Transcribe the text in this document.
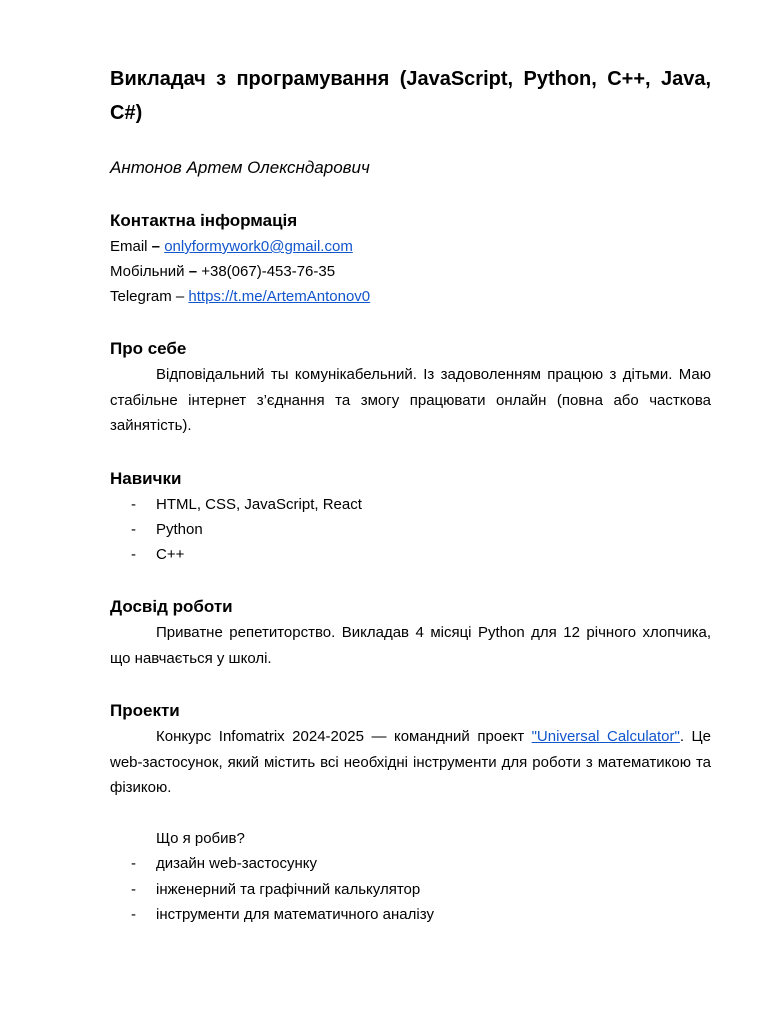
Викладач з програмування (JavaScript, Python, C++, Java, C#)

Антонов Артем Олексндарович

Контактна інформація

Email – onlyformywork0@gmail.com

Мобільний – +38(067)-453-76-35

Telegram – https://t.me/ArtemAntonov0

Про себе

Відповідальний ты комунікабельний. Із задоволенням працюю з дітьми. Маю стабільне інтернет з’єднання та змогу працювати онлайн (повна або часткова зайнятість).

Навички
- HTML, CSS, JavaScript, React
- Python
- C++
Досвід роботи

Приватне репетиторство. Викладав 4 місяці Python для 12 річного хлопчика, що навчається у школі.

Проекти

Конкурс Infomatrix 2024-2025 — командний проект "Universal Calculator". Це web-застосунок, який містить всі необхідні інструменти для роботи з математикою та фізикою.

Що я робив?

- дизайн web-застосунку
- інженерний та графічний калькулятор
- інструменти для математичного аналізу
